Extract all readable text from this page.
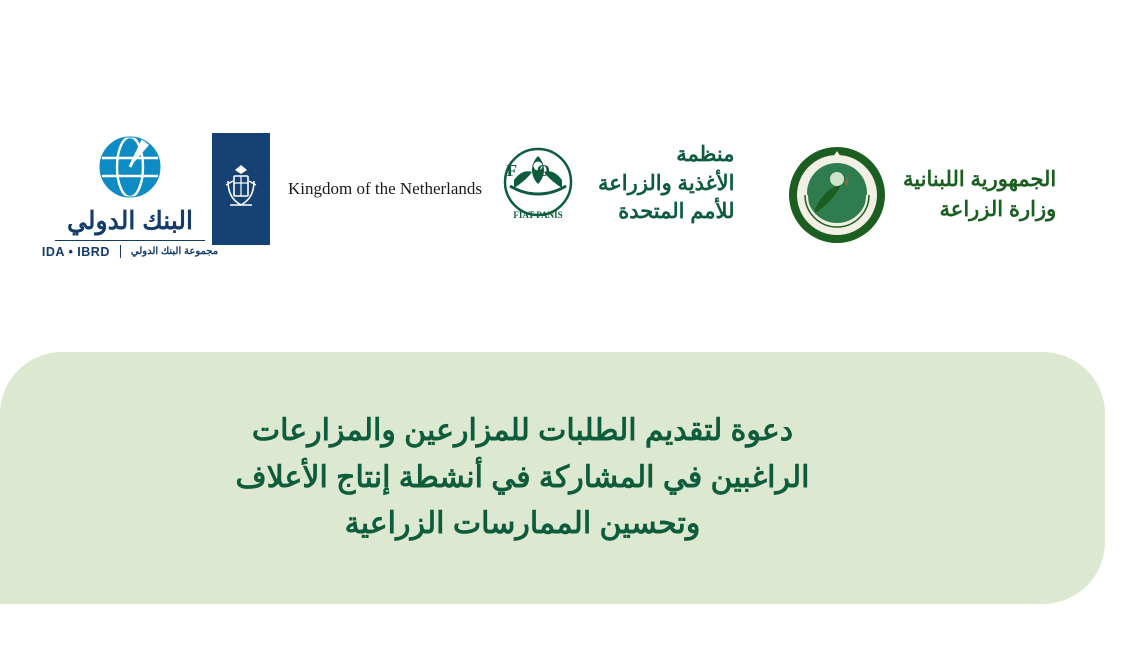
البنك الدولي
مجموعة البنك الدولي
IDA • IBRD
Kingdom of the Netherlands
منظمة
الأغذية والزراعة
للأمم المتحدة
F O
FIAT PANIS
الجمهورية اللبنانية
وزارة الزراعة
دعوة لتقديم الطلبات للمزارعين والمزارعات
الراغبين في المشاركة في أنشطة إنتاج الأعلاف
وتحسين الممارسات الزراعية
